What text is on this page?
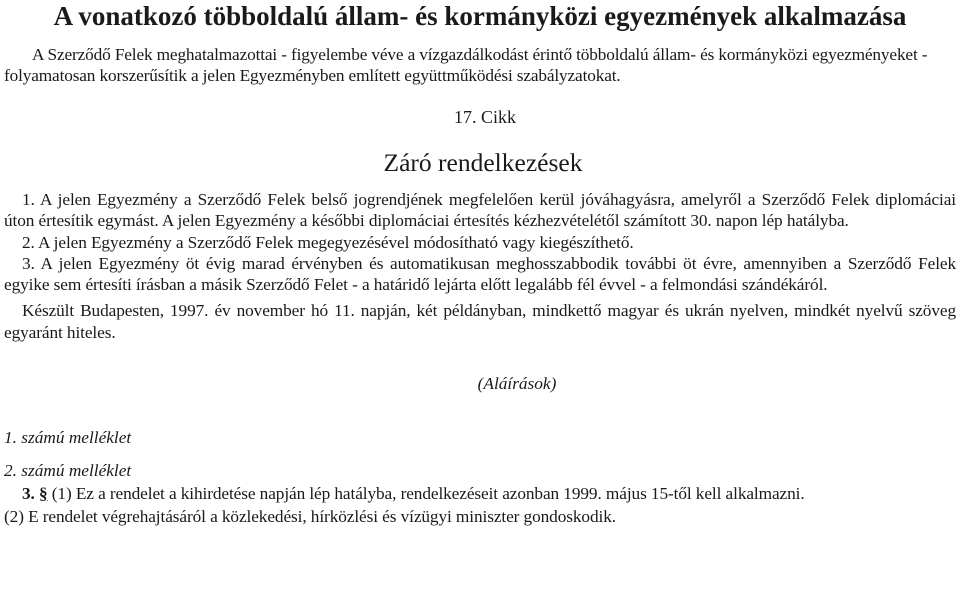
A vonatkozó többoldalú állam- és kormányközi egyezmények alkalmazása
A Szerződő Felek meghatalmazottai - figyelembe véve a vízgazdálkodást érintő többoldalú állam- és kormányközi egyezményeket - folyamatosan korszerűsítik a jelen Egyezményben említett együttműködési szabályzatokat.
17. Cikk
Záró rendelkezések

1. A jelen Egyezmény a Szerződő Felek belső jogrendjének megfelelően kerül jóváhagyásra, amelyről a Szerződő Felek diplomáciai úton értesítik egymást. A jelen Egyezmény a későbbi diplomáciai értesítés kézhezvételétől számított 30. napon lép hatályba.

2. A jelen Egyezmény a Szerződő Felek megegyezésével módosítható vagy kiegészíthető.

3. A jelen Egyezmény öt évig marad érvényben és automatikusan meghosszabbodik további öt évre, amennyiben a Szerződő Felek egyike sem értesíti írásban a másik Szerződő Felet - a határidő lejárta előtt legalább fél évvel - a felmondási szándékáról.

Készült Budapesten, 1997. év november hó 11. napján, két példányban, mindkettő magyar és ukrán nyelven, mindkét nyelvű szöveg egyaránt hiteles.

(Aláírások)
1. számú melléklet
2. számú melléklet
3. § (1) Ez a rendelet a kihirdetése napján lép hatályba, rendelkezéseit azonban 1999. május 15-től kell alkalmazni.
(2) E rendelet végrehajtásáról a közlekedési, hírközlési és vízügyi miniszter gondoskodik.
